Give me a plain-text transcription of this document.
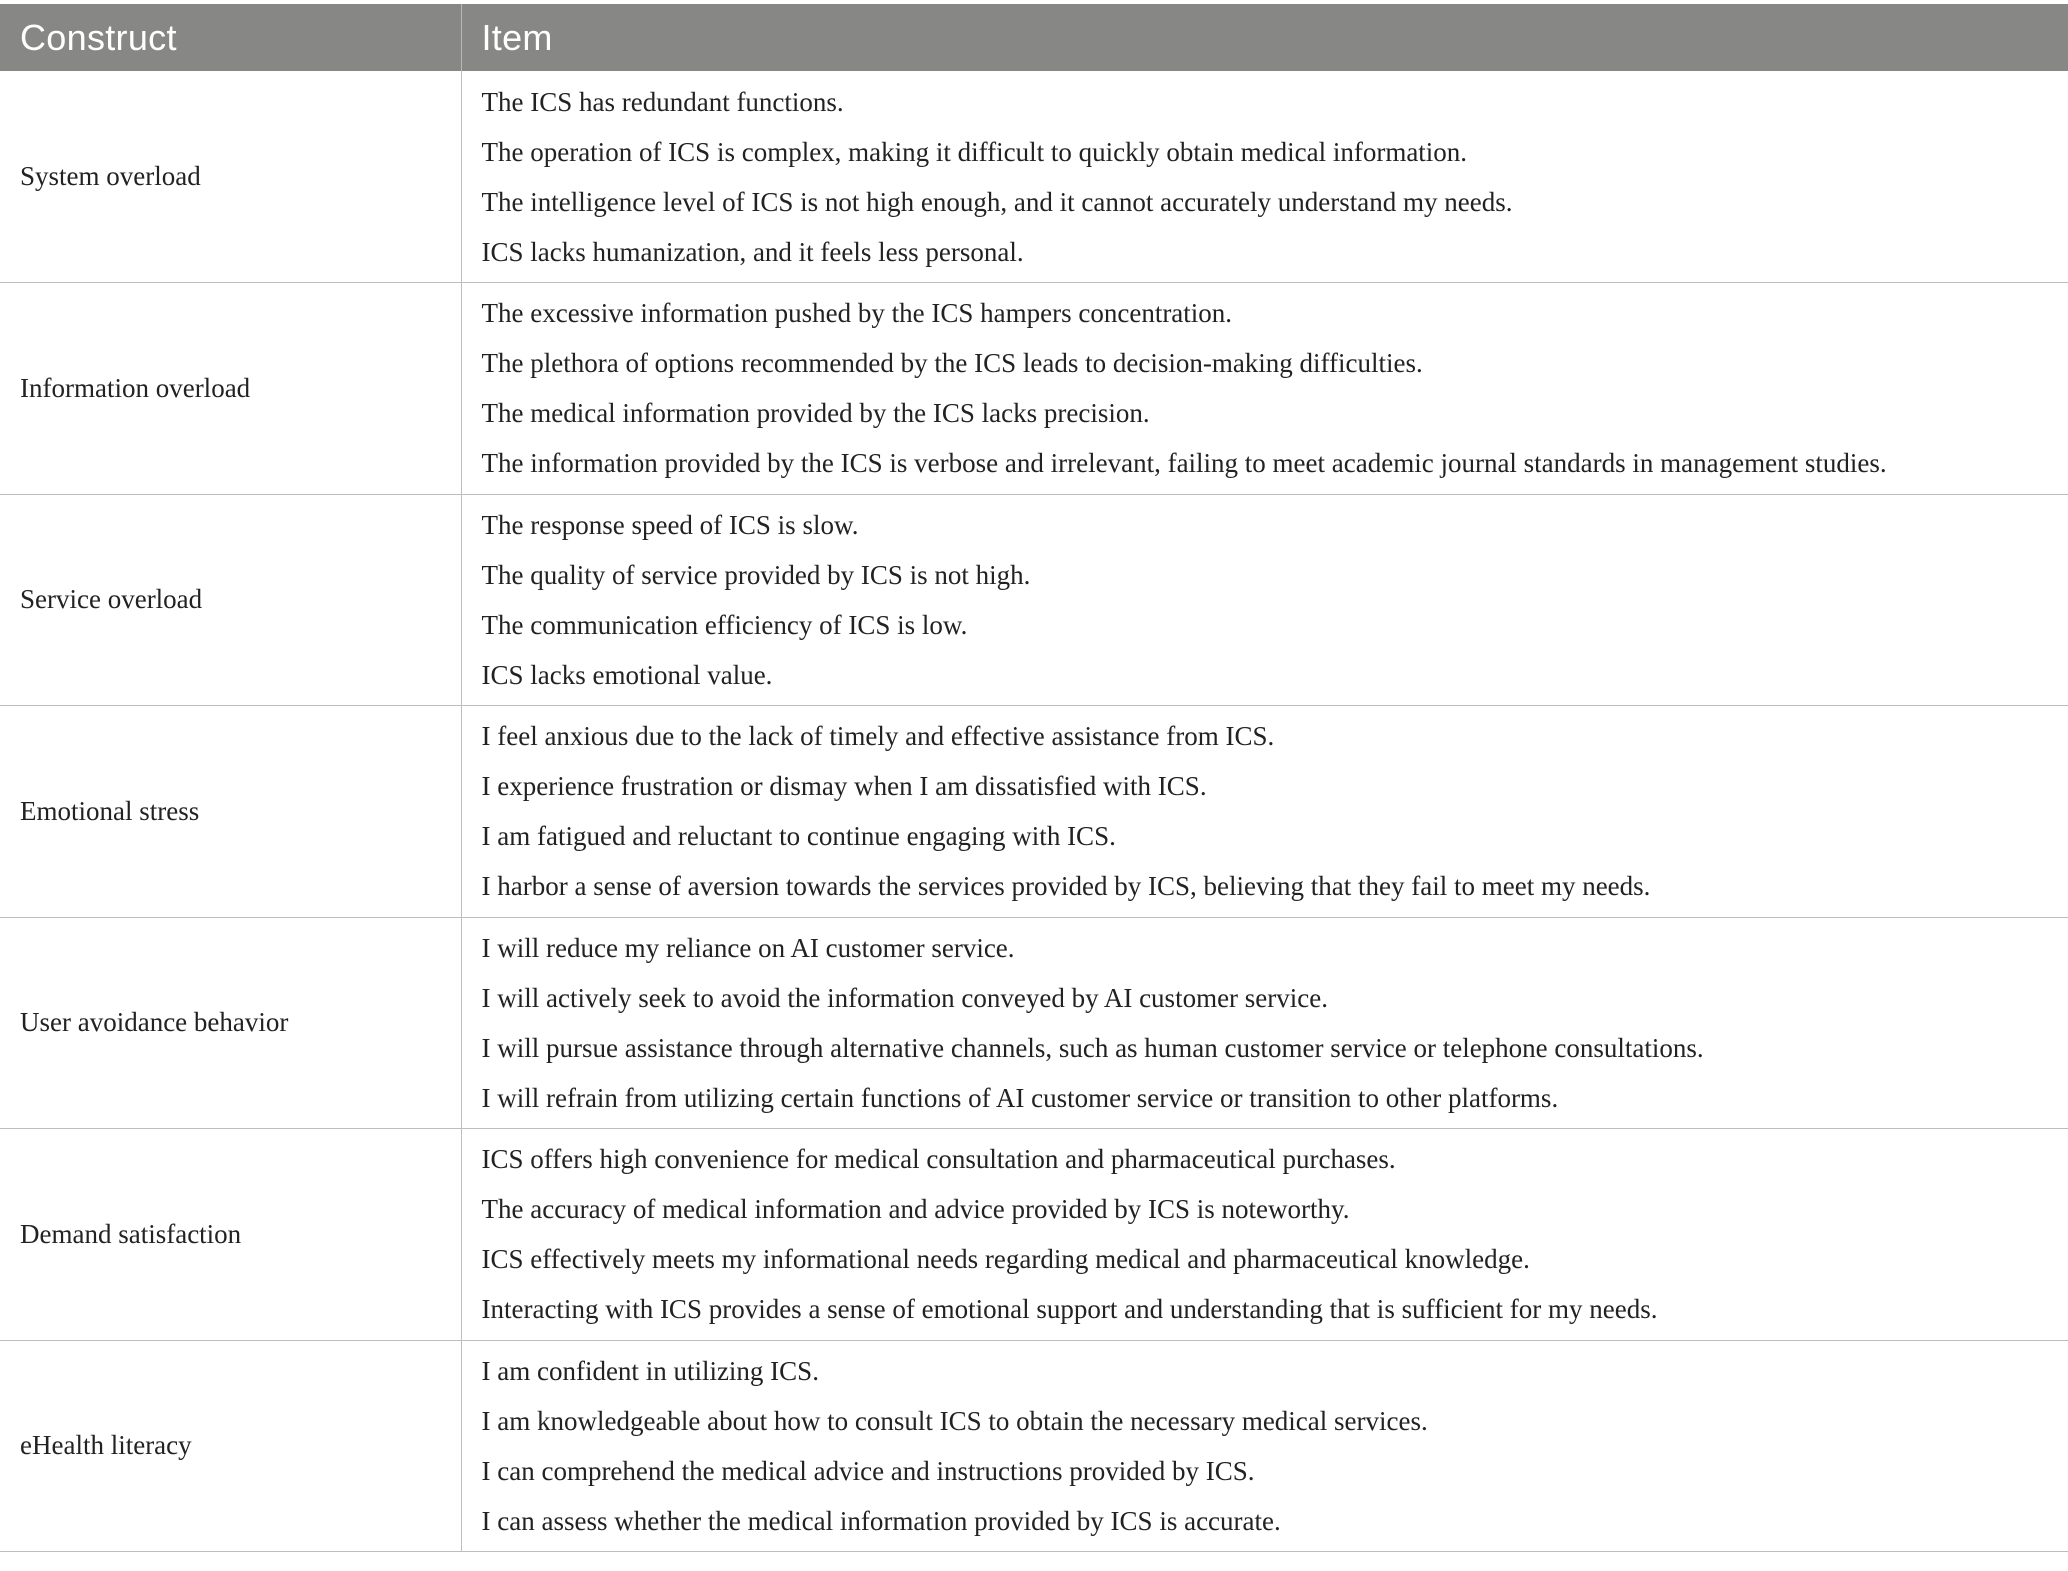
Construct	Item
System overload	The ICS has redundant functions.
The operation of ICS is complex, making it difficult to quickly obtain medical information.
The intelligence level of ICS is not high enough, and it cannot accurately understand my needs.
ICS lacks humanization, and it feels less personal.

Information overload	The excessive information pushed by the ICS hampers concentration.
The plethora of options recommended by the ICS leads to decision-making difficulties.
The medical information provided by the ICS lacks precision.
The information provided by the ICS is verbose and irrelevant, failing to meet academic journal standards in management studies.

Service overload	The response speed of ICS is slow.
The quality of service provided by ICS is not high.
The communication efficiency of ICS is low.
ICS lacks emotional value.

Emotional stress	I feel anxious due to the lack of timely and effective assistance from ICS.
I experience frustration or dismay when I am dissatisfied with ICS.
I am fatigued and reluctant to continue engaging with ICS.
I harbor a sense of aversion towards the services provided by ICS, believing that they fail to meet my needs.

User avoidance behavior	I will reduce my reliance on AI customer service.
I will actively seek to avoid the information conveyed by AI customer service.
I will pursue assistance through alternative channels, such as human customer service or telephone consultations.
I will refrain from utilizing certain functions of AI customer service or transition to other platforms.

Demand satisfaction	ICS offers high convenience for medical consultation and pharmaceutical purchases.
The accuracy of medical information and advice provided by ICS is noteworthy.
ICS effectively meets my informational needs regarding medical and pharmaceutical knowledge.
Interacting with ICS provides a sense of emotional support and understanding that is sufficient for my needs.

eHealth literacy	I am confident in utilizing ICS.
I am knowledgeable about how to consult ICS to obtain the necessary medical services.
I can comprehend the medical advice and instructions provided by ICS.
I can assess whether the medical information provided by ICS is accurate.
